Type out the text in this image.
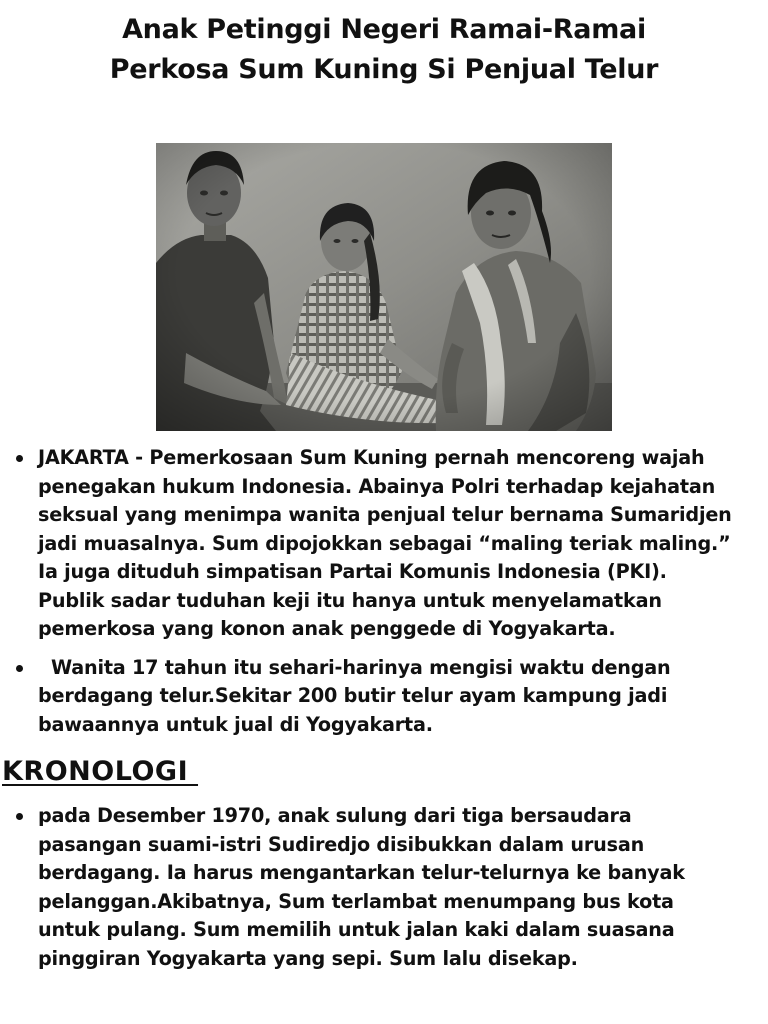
Anak Petinggi Negeri Ramai-Ramai Perkosa Sum Kuning Si Penjual Telur
JAKARTA - Pemerkosaan Sum Kuning pernah mencoreng wajah penegakan hukum Indonesia. Abainya Polri terhadap kejahatan seksual yang menimpa wanita penjual telur bernama Sumaridjen jadi muasalnya. Sum dipojokkan sebagai “maling teriak maling.” Ia juga dituduh simpatisan Partai Komunis Indonesia (PKI). Publik sadar tuduhan keji itu hanya untuk menyelamatkan pemerkosa yang konon anak penggede di Yogyakarta.
Wanita 17 tahun itu sehari-harinya mengisi waktu dengan berdagang telur.Sekitar 200 butir telur ayam kampung jadi bawaannya untuk jual di Yogyakarta.
KRONOLOGI
pada Desember 1970, anak sulung dari tiga bersaudara pasangan suami-istri Sudiredjo disibukkan dalam urusan berdagang. Ia harus mengantarkan telur-telurnya ke banyak pelanggan.Akibatnya, Sum terlambat menumpang bus kota untuk pulang. Sum memilih untuk jalan kaki dalam suasana pinggiran Yogyakarta yang sepi. Sum lalu disekap.
